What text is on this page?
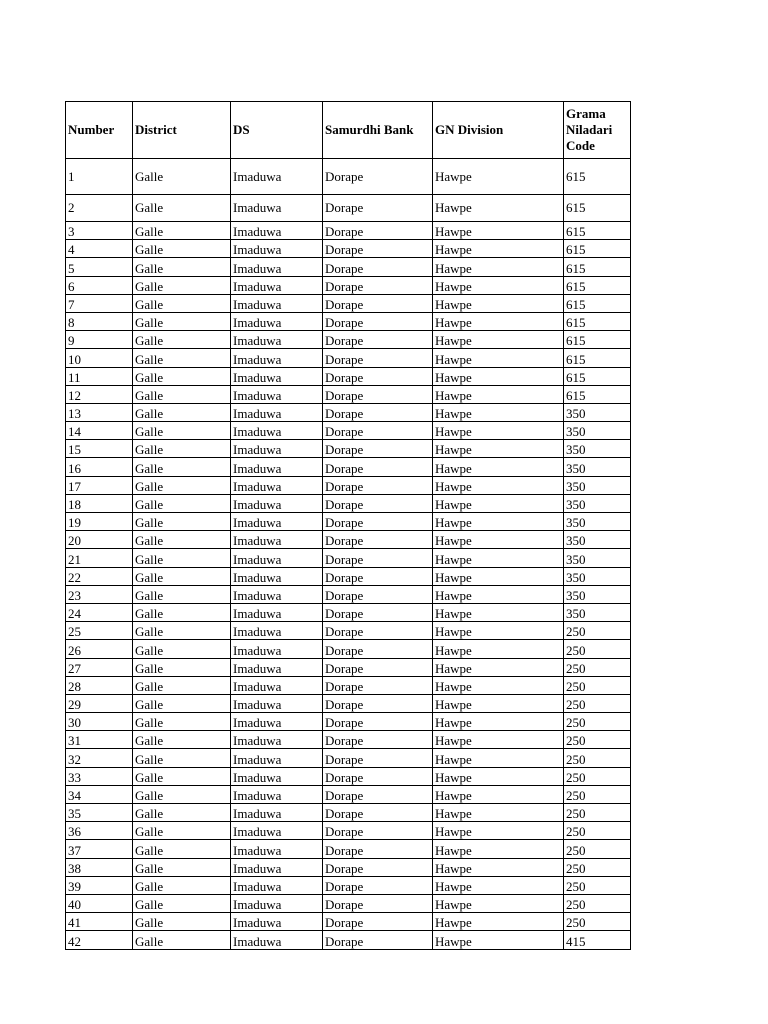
Number	District	DS	Samurdhi Bank	GN Division	Grama Niladari Code
1	Galle	Imaduwa	Dorape	Hawpe	615
2	Galle	Imaduwa	Dorape	Hawpe	615
3	Galle	Imaduwa	Dorape	Hawpe	615
4	Galle	Imaduwa	Dorape	Hawpe	615
5	Galle	Imaduwa	Dorape	Hawpe	615
6	Galle	Imaduwa	Dorape	Hawpe	615
7	Galle	Imaduwa	Dorape	Hawpe	615
8	Galle	Imaduwa	Dorape	Hawpe	615
9	Galle	Imaduwa	Dorape	Hawpe	615
10	Galle	Imaduwa	Dorape	Hawpe	615
11	Galle	Imaduwa	Dorape	Hawpe	615
12	Galle	Imaduwa	Dorape	Hawpe	615
13	Galle	Imaduwa	Dorape	Hawpe	350
14	Galle	Imaduwa	Dorape	Hawpe	350
15	Galle	Imaduwa	Dorape	Hawpe	350
16	Galle	Imaduwa	Dorape	Hawpe	350
17	Galle	Imaduwa	Dorape	Hawpe	350
18	Galle	Imaduwa	Dorape	Hawpe	350
19	Galle	Imaduwa	Dorape	Hawpe	350
20	Galle	Imaduwa	Dorape	Hawpe	350
21	Galle	Imaduwa	Dorape	Hawpe	350
22	Galle	Imaduwa	Dorape	Hawpe	350
23	Galle	Imaduwa	Dorape	Hawpe	350
24	Galle	Imaduwa	Dorape	Hawpe	350
25	Galle	Imaduwa	Dorape	Hawpe	250
26	Galle	Imaduwa	Dorape	Hawpe	250
27	Galle	Imaduwa	Dorape	Hawpe	250
28	Galle	Imaduwa	Dorape	Hawpe	250
29	Galle	Imaduwa	Dorape	Hawpe	250
30	Galle	Imaduwa	Dorape	Hawpe	250
31	Galle	Imaduwa	Dorape	Hawpe	250
32	Galle	Imaduwa	Dorape	Hawpe	250
33	Galle	Imaduwa	Dorape	Hawpe	250
34	Galle	Imaduwa	Dorape	Hawpe	250
35	Galle	Imaduwa	Dorape	Hawpe	250
36	Galle	Imaduwa	Dorape	Hawpe	250
37	Galle	Imaduwa	Dorape	Hawpe	250
38	Galle	Imaduwa	Dorape	Hawpe	250
39	Galle	Imaduwa	Dorape	Hawpe	250
40	Galle	Imaduwa	Dorape	Hawpe	250
41	Galle	Imaduwa	Dorape	Hawpe	250
42	Galle	Imaduwa	Dorape	Hawpe	415
